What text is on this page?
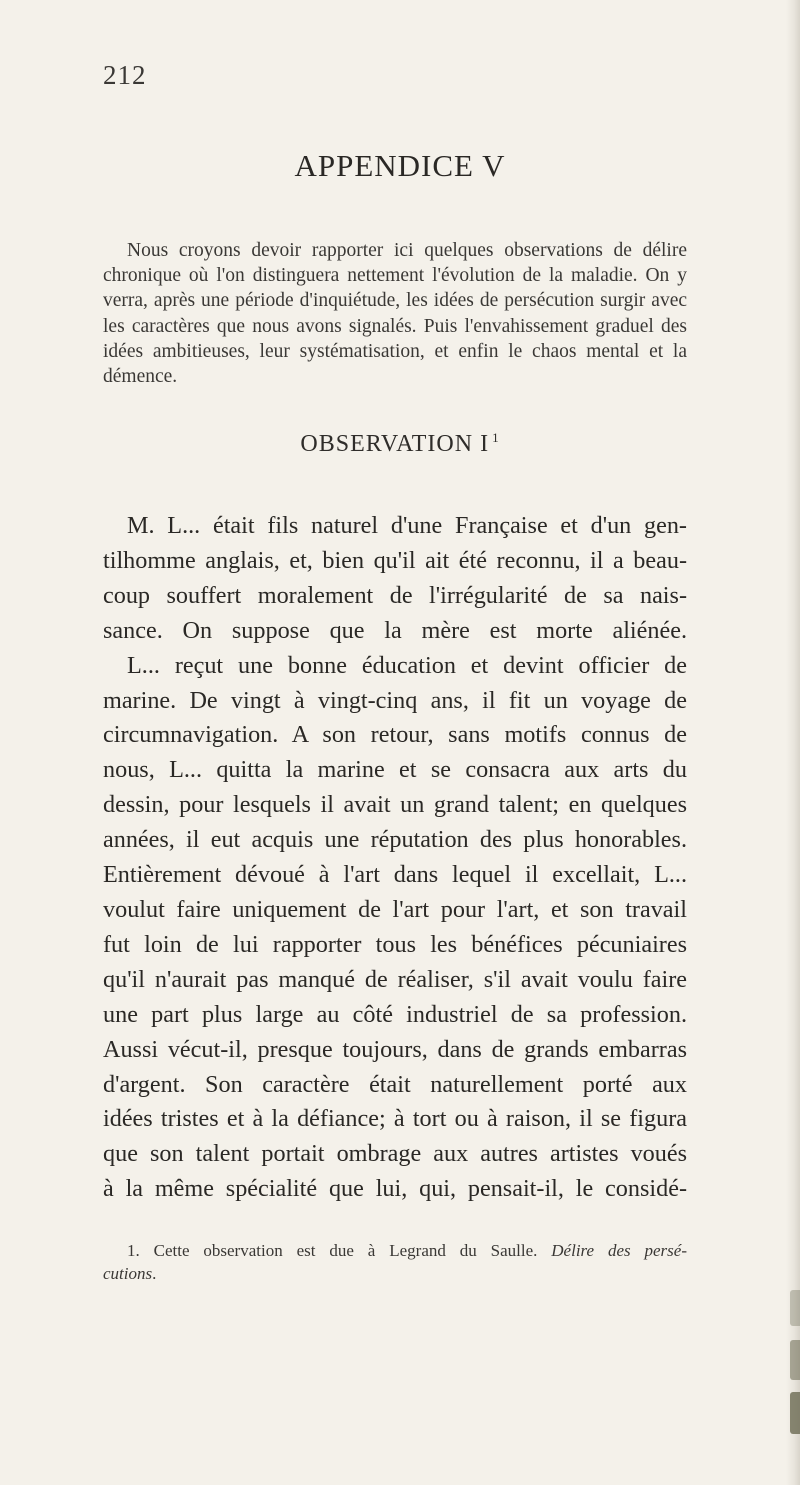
212
APPENDICE V

Nous croyons devoir rapporter ici quelques observations de délire chronique où l'on distinguera nettement l'évolution de la maladie. On y verra, après une période d'inquiétude, les idées de persécution surgir avec les caractères que nous avons signalés. Puis l'envahissement graduel des idées ambitieuses, leur systématisation, et enfin le chaos mental et la démence.

OBSERVATION I $^1$
M. L... était fils naturel d'une Française et d'un gen-
tilhomme anglais, et, bien qu'il ait été reconnu, il a beau-
coup souffert moralement de l'irrégularité de sa nais-
sance. On suppose que la mère est morte aliénée.
L... reçut une bonne éducation et devint officier de
marine. De vingt à vingt-cinq ans, il fit un voyage de
circumnavigation. A son retour, sans motifs connus de
nous, L... quitta la marine et se consacra aux arts du
dessin, pour lesquels il avait un grand talent; en quelques
années, il eut acquis une réputation des plus honorables.
Entièrement dévoué à l'art dans lequel il excellait, L...
voulut faire uniquement de l'art pour l'art, et son travail
fut loin de lui rapporter tous les bénéfices pécuniaires
qu'il n'aurait pas manqué de réaliser, s'il avait voulu faire
une part plus large au côté industriel de sa profession.
Aussi vécut-il, presque toujours, dans de grands embarras
d'argent. Son caractère était naturellement porté aux
idées tristes et à la défiance; à tort ou à raison, il se figura
que son talent portait ombrage aux autres artistes voués
à la même spécialité que lui, qui, pensait-il, le considé-
1. Cette observation est due à Legrand du Saulle. Délire des persé-
cutions.
